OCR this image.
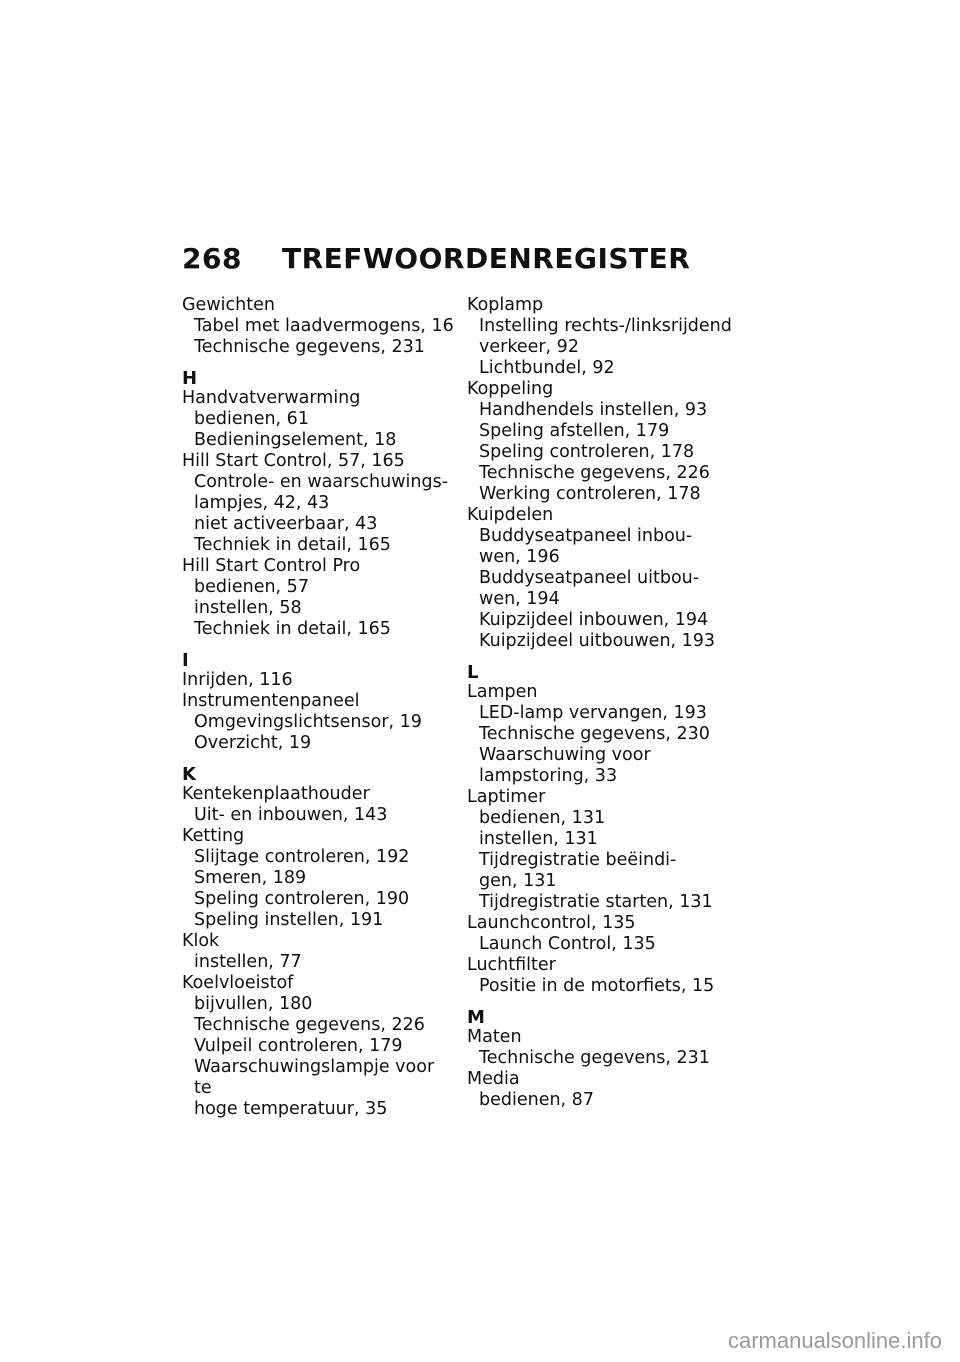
268 TREFWOORDENREGISTER
Gewichten
Tabel met laadvermogens, 16
Technische gegevens, 231
H
Handvatverwarming
bedienen, 61
Bedieningselement, 18
Hill Start Control, 57, 165
Controle- en waarschuwings-
lampjes, 42, 43
niet activeerbaar, 43
Techniek in detail, 165
Hill Start Control Pro
bedienen, 57
instellen, 58
Techniek in detail, 165
I
Inrijden, 116
Instrumentenpaneel
Omgevingslichtsensor, 19
Overzicht, 19
K
Kentekenplaathouder
Uit- en inbouwen, 143
Ketting
Slijtage controleren, 192
Smeren, 189
Speling controleren, 190
Speling instellen, 191
Klok
instellen, 77
Koelvloeistof
bijvullen, 180
Technische gegevens, 226
Vulpeil controleren, 179
Waarschuwingslampje voor te
hoge temperatuur, 35
Koplamp
Instelling rechts-/linksrijdend
verkeer, 92
Lichtbundel, 92
Koppeling
Handhendels instellen, 93
Speling afstellen, 179
Speling controleren, 178
Technische gegevens, 226
Werking controleren, 178
Kuipdelen
Buddyseatpaneel inbou-
wen, 196
Buddyseatpaneel uitbou-
wen, 194
Kuipzijdeel inbouwen, 194
Kuipzijdeel uitbouwen, 193
L
Lampen
LED-lamp vervangen, 193
Technische gegevens, 230
Waarschuwing voor
lampstoring, 33
Laptimer
bedienen, 131
instellen, 131
Tijdregistratie beëindi-
gen, 131
Tijdregistratie starten, 131
Launchcontrol, 135
Launch Control, 135
Luchtfilter
Positie in de motorfiets, 15
M
Maten
Technische gegevens, 231
Media
bedienen, 87
carmanualsonline.info
